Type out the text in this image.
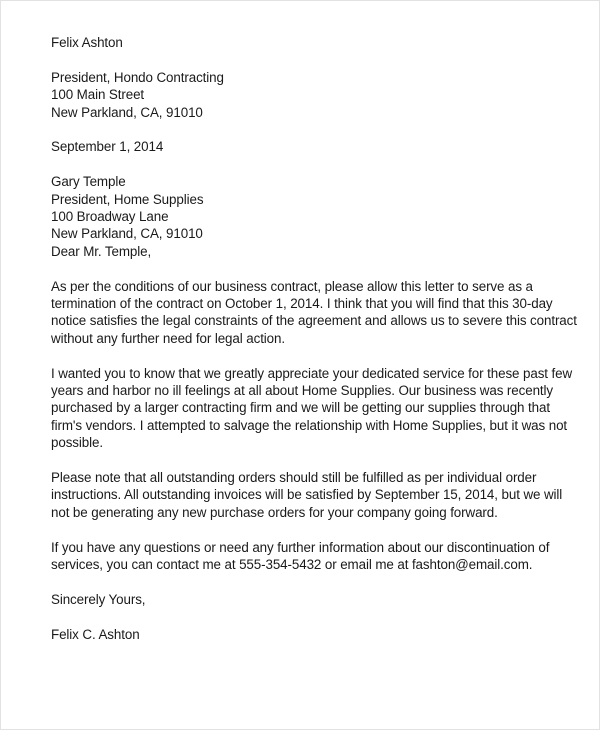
Felix Ashton
President, Hondo Contracting
100 Main Street
New Parkland, CA, 91010
September 1, 2014
Gary Temple
President, Home Supplies
100 Broadway Lane
New Parkland, CA, 91010
Dear Mr. Temple,
As per the conditions of our business contract, please allow this letter to serve as a
termination of the contract on October 1, 2014. I think that you will find that this 30-day
notice satisfies the legal constraints of the agreement and allows us to severe this contract
without any further need for legal action.
I wanted you to know that we greatly appreciate your dedicated service for these past few
years and harbor no ill feelings at all about Home Supplies. Our business was recently
purchased by a larger contracting firm and we will be getting our supplies through that
firm's vendors. I attempted to salvage the relationship with Home Supplies, but it was not
possible.
Please note that all outstanding orders should still be fulfilled as per individual order
instructions. All outstanding invoices will be satisfied by September 15, 2014, but we will
not be generating any new purchase orders for your company going forward.
If you have any questions or need any further information about our discontinuation of
services, you can contact me at 555-354-5432 or email me at fashton@email.com.
Sincerely Yours,
Felix C. Ashton
